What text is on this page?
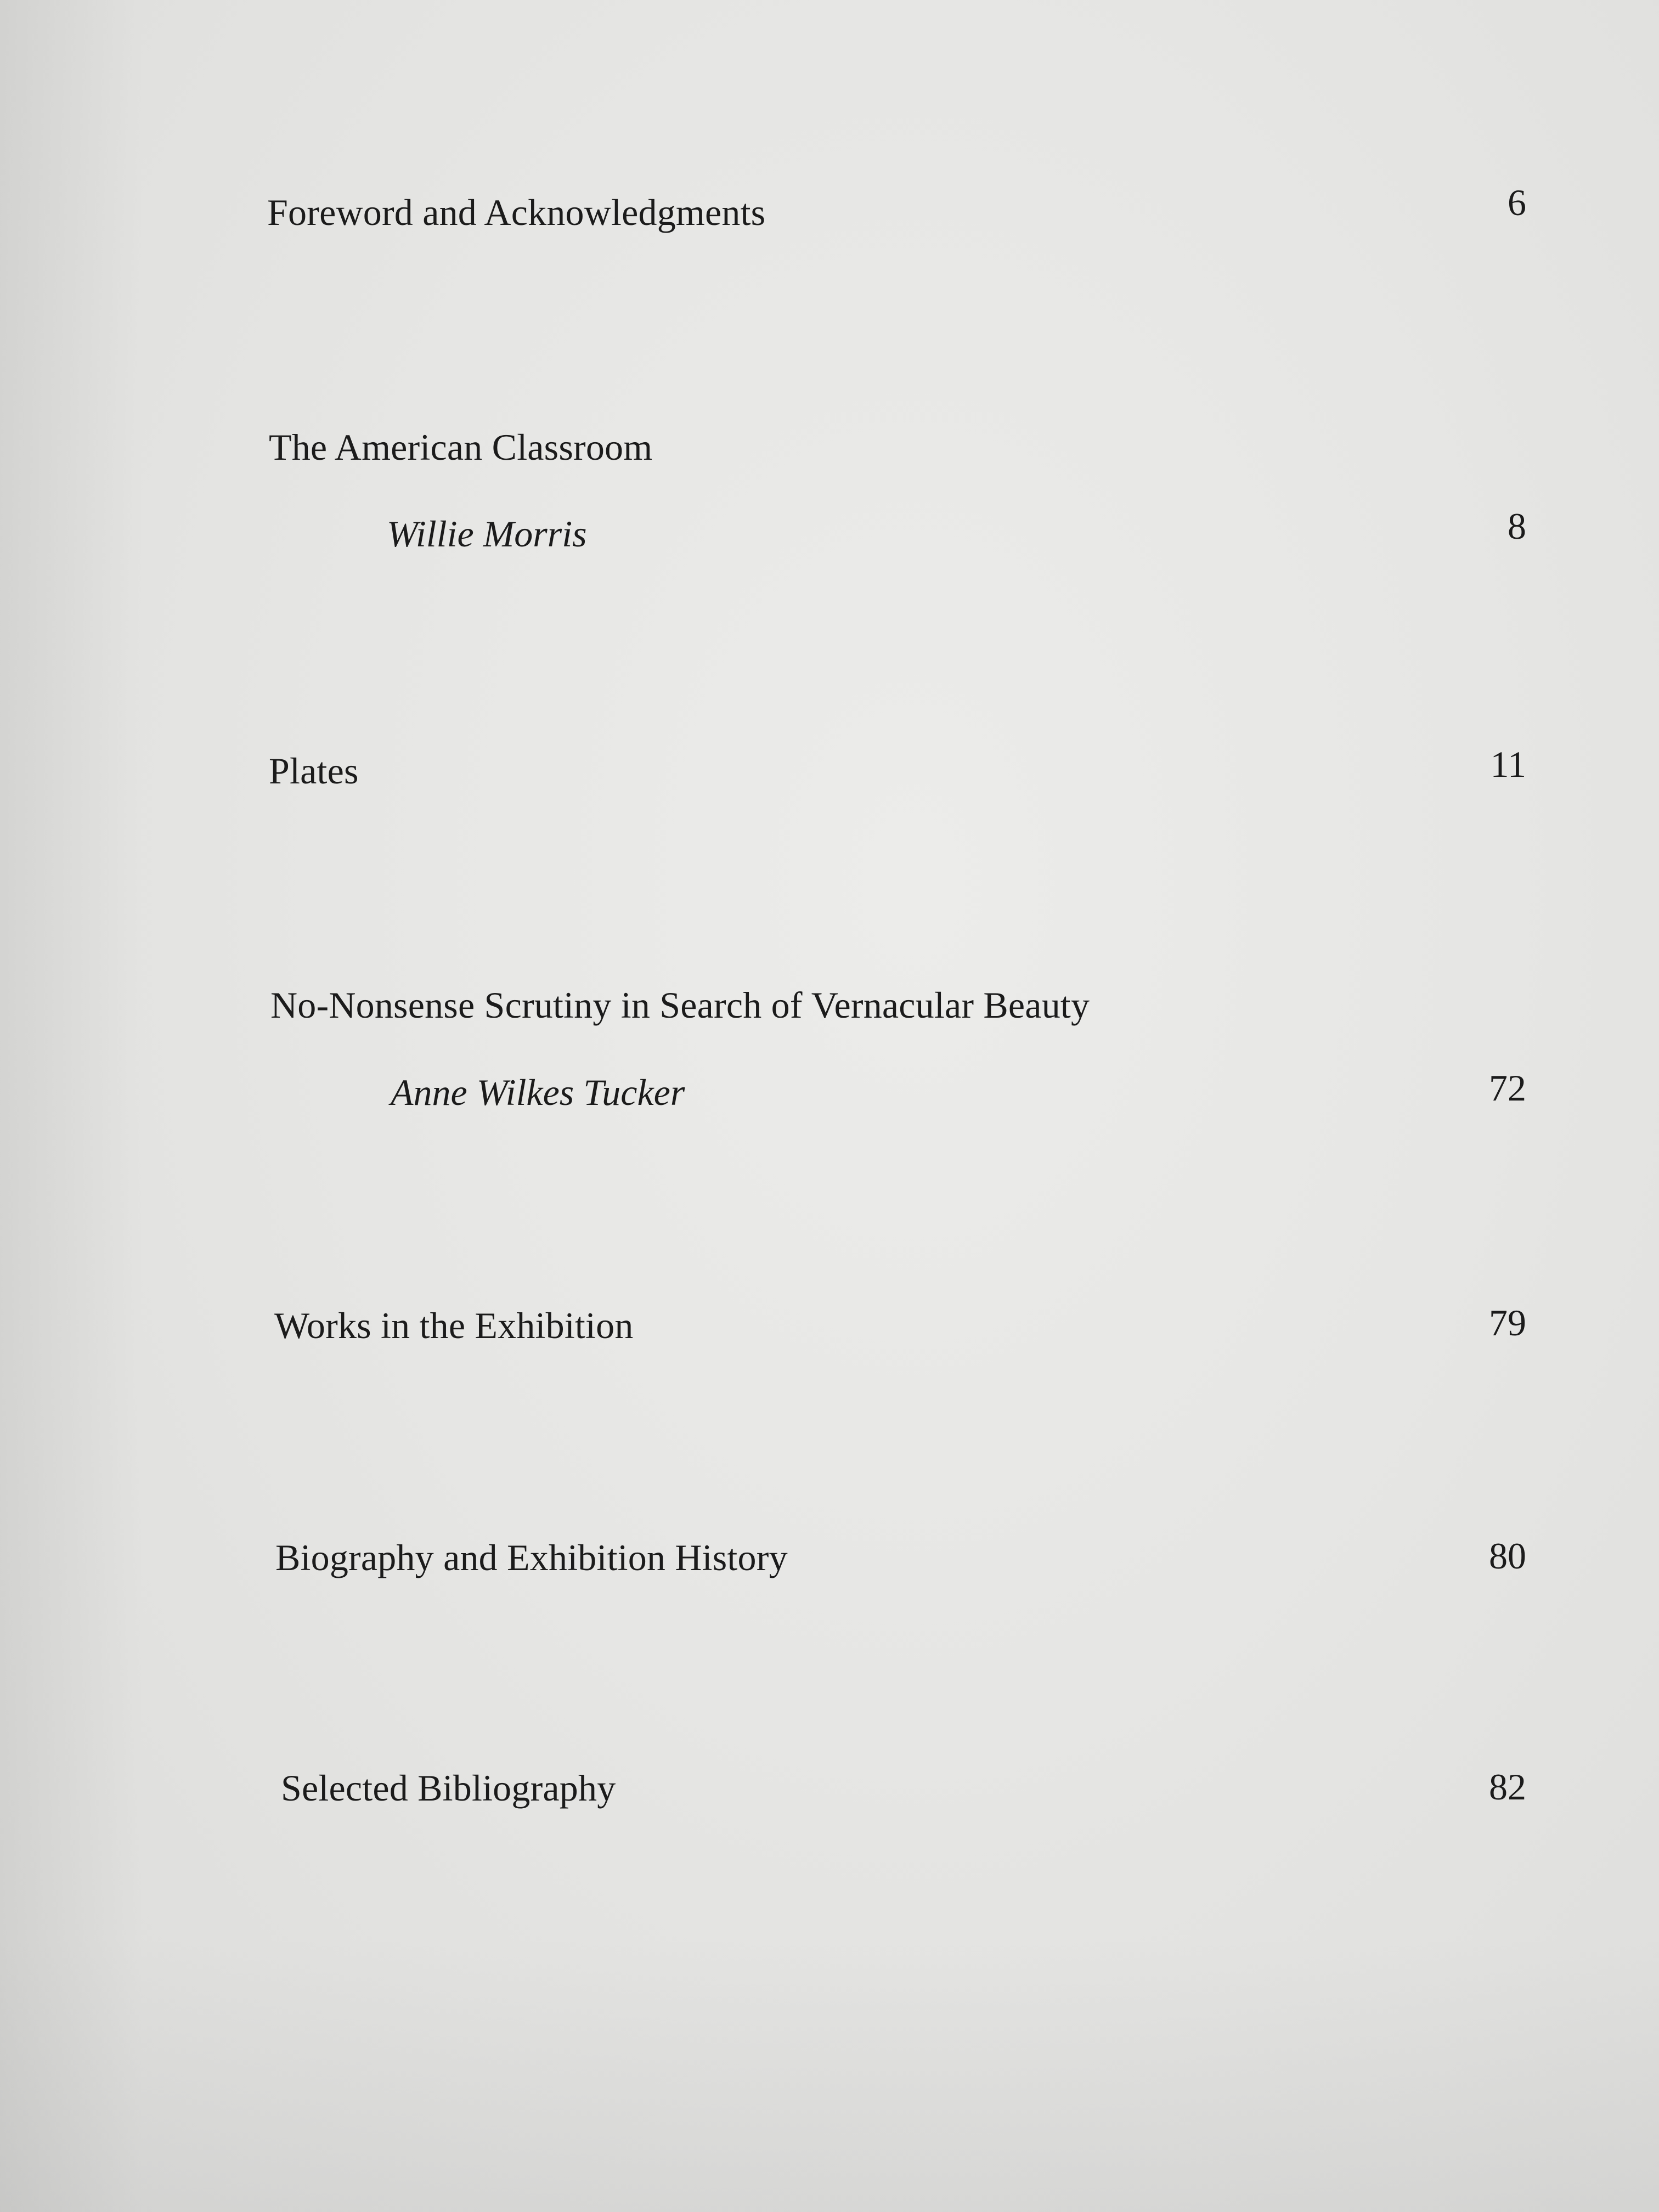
Foreword and Acknowledgments	6
The American Classroom
Willie Morris	8
Plates	11
No-Nonsense Scrutiny in Search of Vernacular Beauty
Anne Wilkes Tucker	72
Works in the Exhibition	79
Biography and Exhibition History	80
Selected Bibliography	82
